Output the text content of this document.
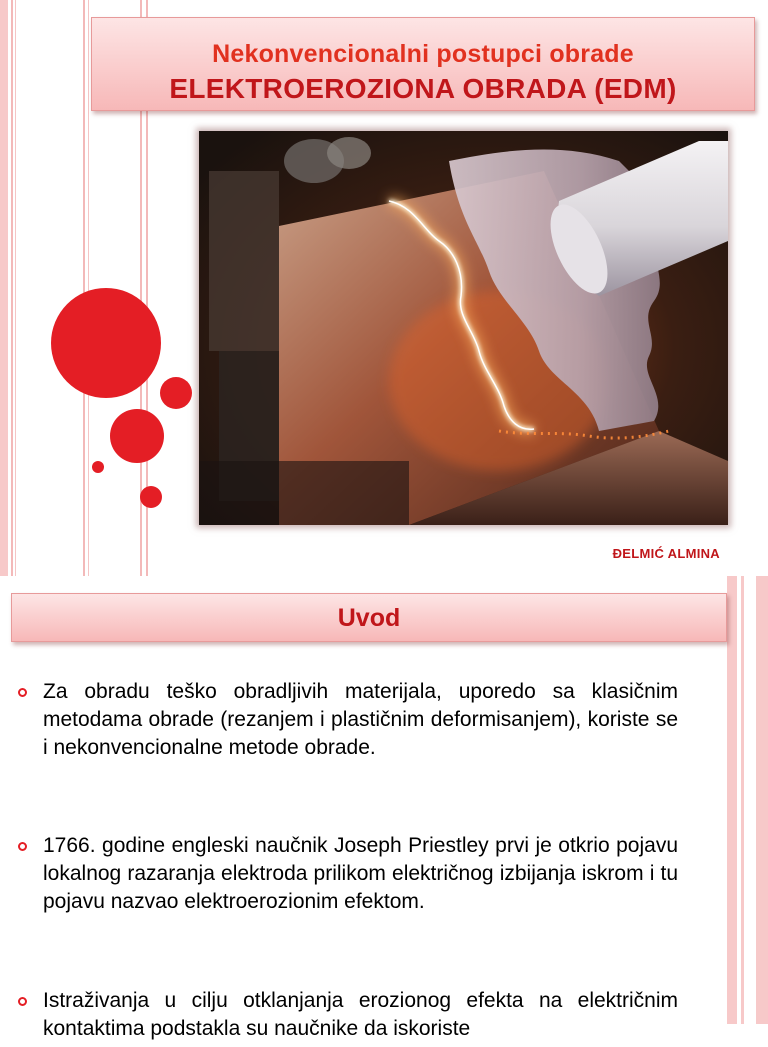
Nekonvencionalni postupci obrade
ELEKTROEROZIONA OBRADA (EDM)
ĐELMIĆ ALMINA
Uvod
Za obradu teško obradljivih materijala, uporedo sa klasičnim metodama obrade (rezanjem i plastičnim deformisanjem), koriste se i nekonvencionalne metode obrade.
1766. godine engleski naučnik Joseph Priestley prvi je otkrio pojavu lokalnog razaranja elektroda prilikom električnog izbijanja iskrom i tu pojavu nazvao elektroerozionim efektom.
Istraživanja u cilju otklanjanja erozionog efekta na električnim kontaktima podstakla su naučnike da iskoriste
